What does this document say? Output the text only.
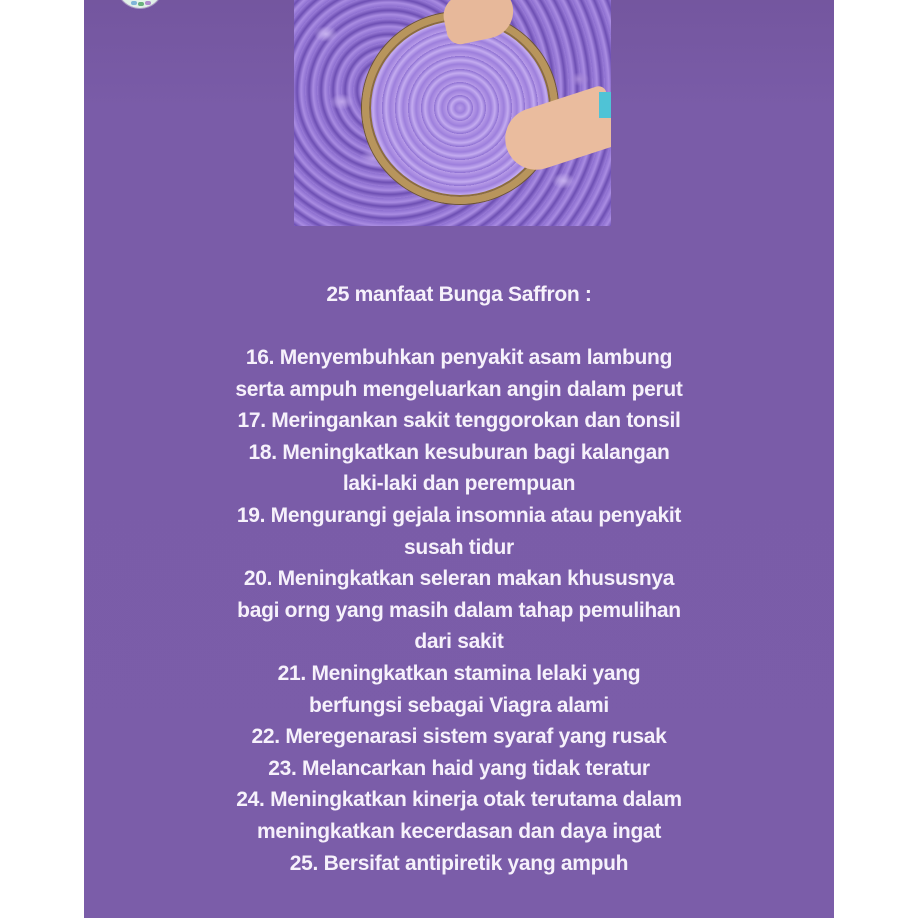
25 manfaat Bunga Saffron :
16. Menyembuhkan penyakit asam lambung
serta ampuh mengeluarkan angin dalam perut
17. Meringankan sakit tenggorokan dan tonsil
18. Meningkatkan kesuburan bagi kalangan
laki-laki dan perempuan
19. Mengurangi gejala insomnia atau penyakit
susah tidur
20. Meningkatkan seleran makan khususnya
bagi orng yang masih dalam tahap pemulihan
dari sakit
21. Meningkatkan stamina lelaki yang
berfungsi sebagai Viagra alami
22. Meregenarasi sistem syaraf yang rusak
23. Melancarkan haid yang tidak teratur
24. Meningkatkan kinerja otak terutama dalam
meningkatkan kecerdasan dan daya ingat
25. Bersifat antipiretik yang ampuh
